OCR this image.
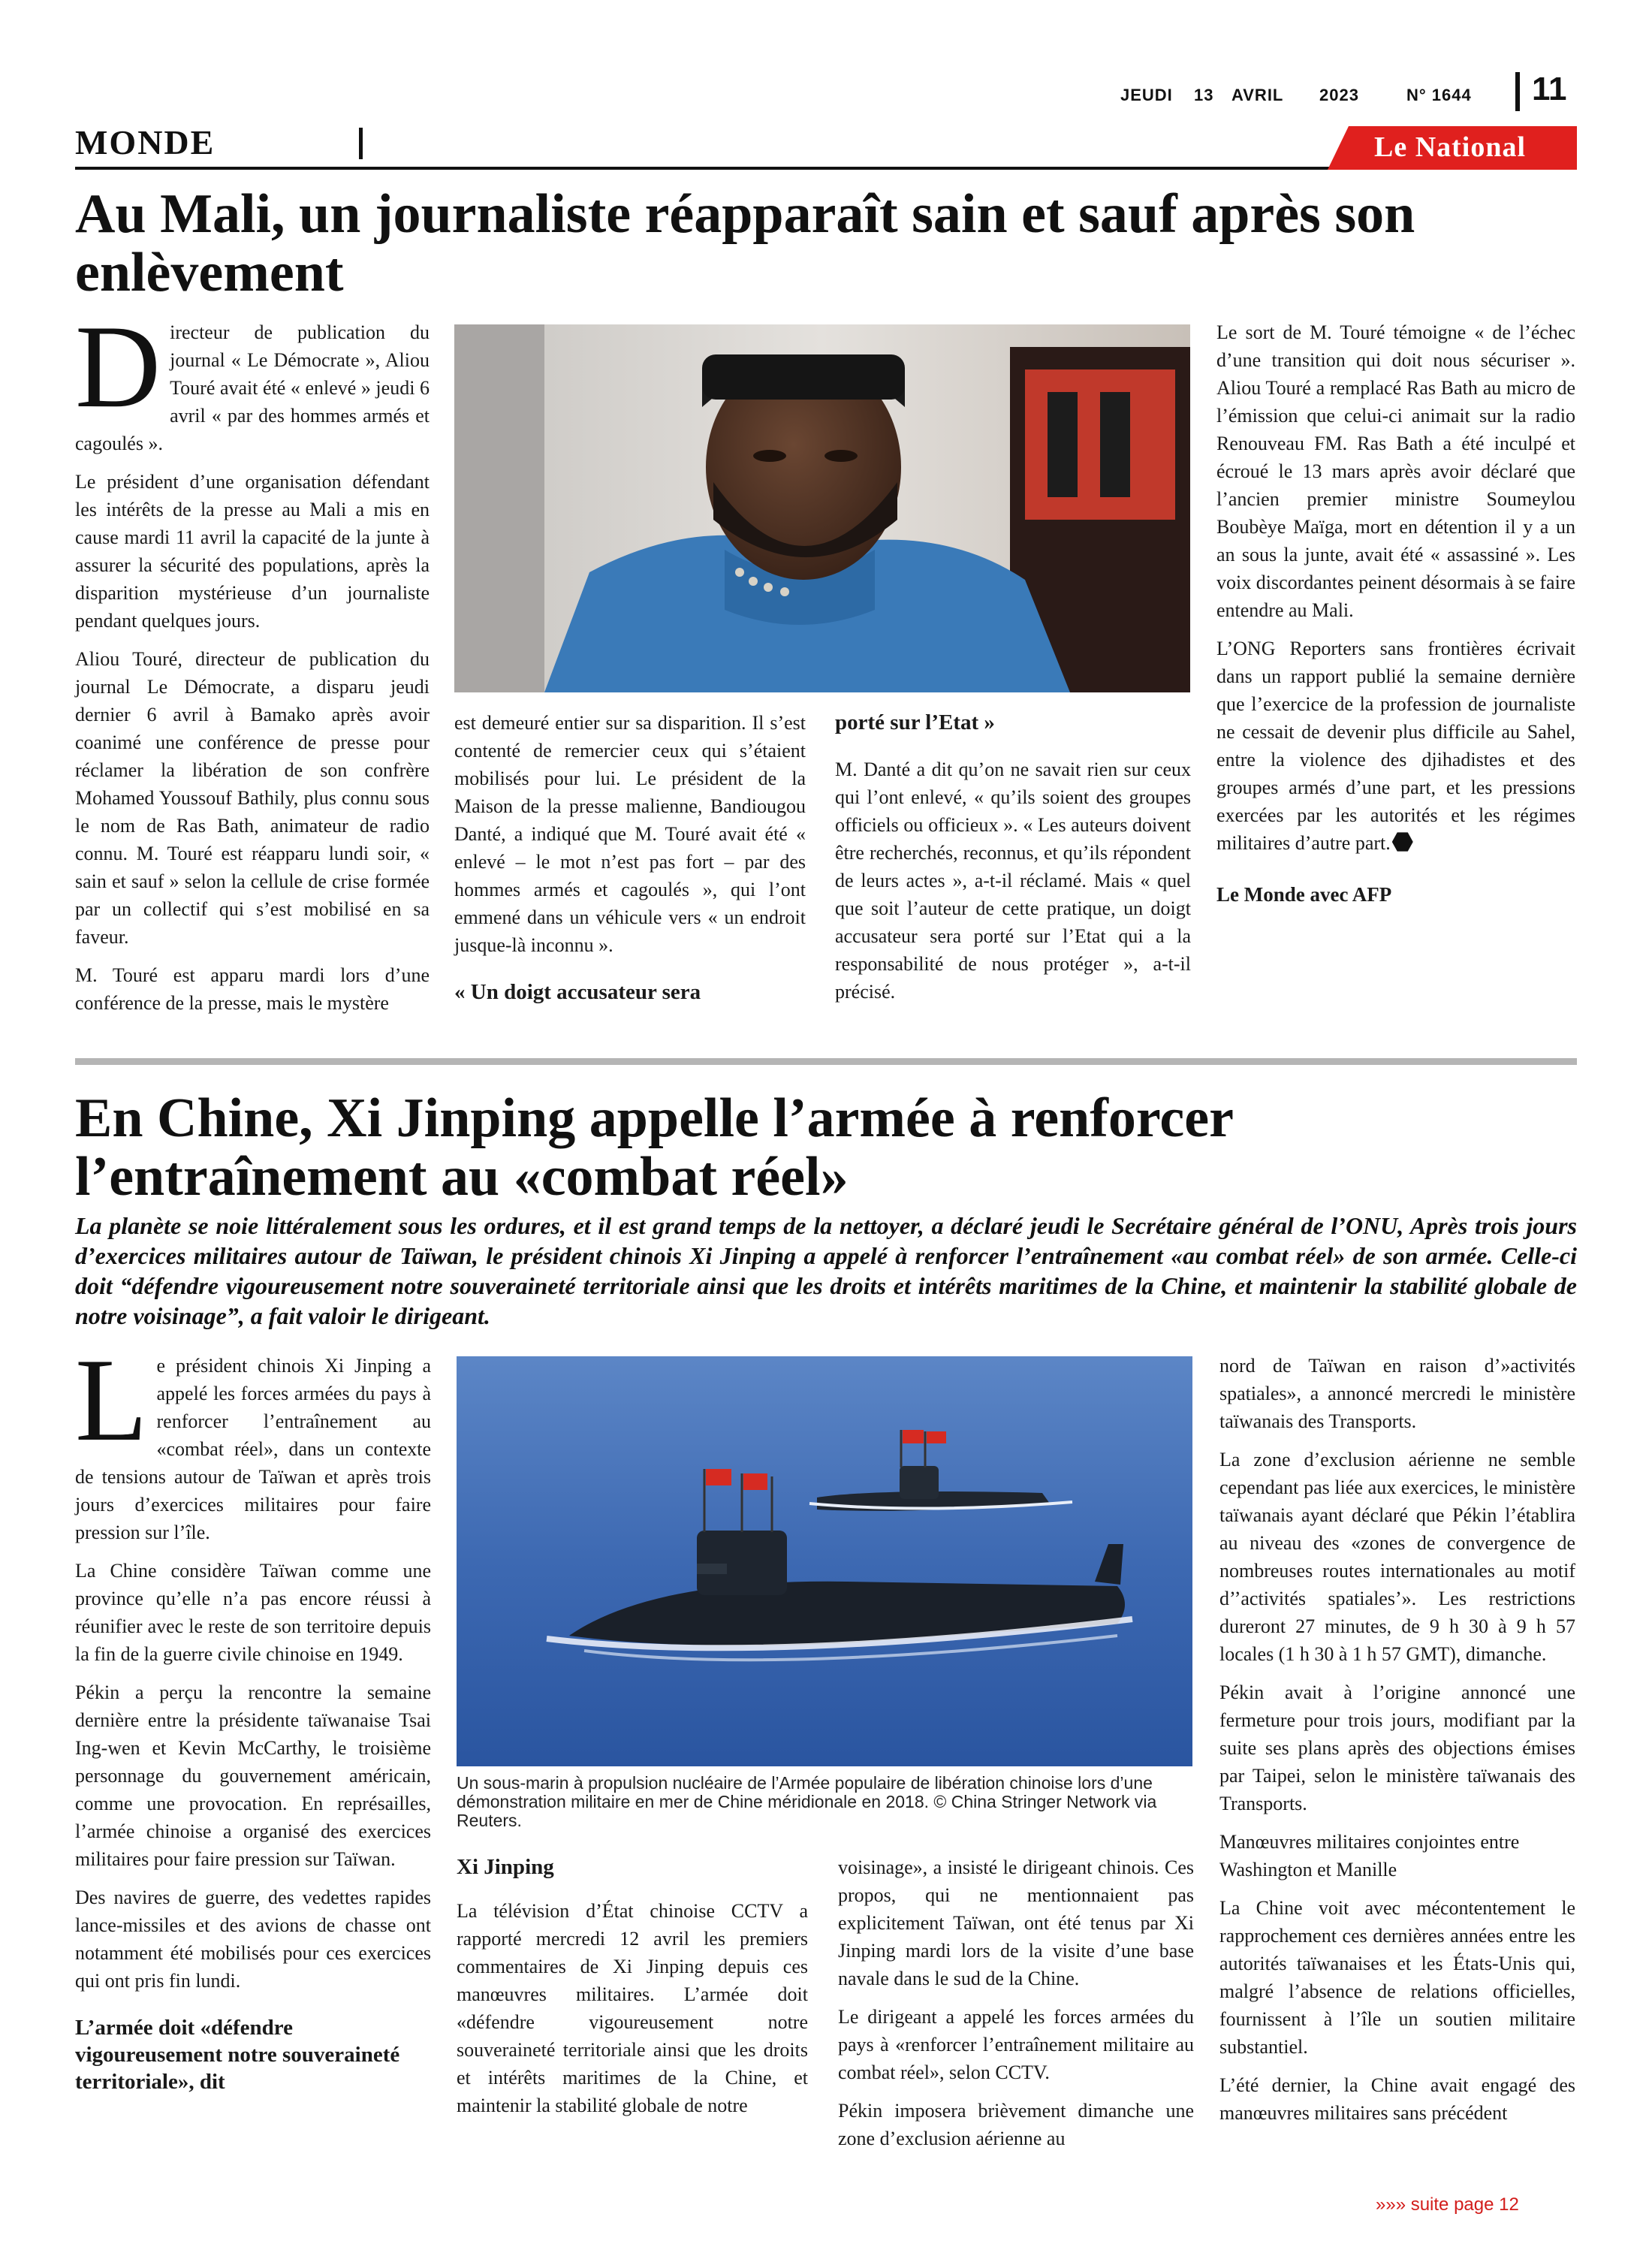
JEUDI 13 AVRIL 2023	N° 1644 11
MONDE	Le National
Au Mali, un journaliste réapparaît sain et sauf après son enlèvement
D irecteur de publication du journal « Le Démocrate », Aliou Touré avait été « enlevé » jeudi 6 avril « par des hommes armés et cagoulés ».

Le président d’une organisation défendant les intérêts de la presse au Mali a mis en cause mardi 11 avril la capacité de la junte à assurer la sécurité des populations, après la disparition mystérieuse d’un journaliste pendant quelques jours.

Aliou Touré, directeur de publication du journal Le Démocrate, a disparu jeudi dernier 6 avril à Bamako après avoir coanimé une conférence de presse pour réclamer la libération de son confrère Mohamed Youssouf Bathily, plus connu sous le nom de Ras Bath, animateur de radio connu. M. Touré est réapparu lundi soir, « sain et sauf » selon la cellule de crise formée par un collectif qui s’est mobilisé en sa faveur.

M. Touré est apparu mardi lors d’une conférence de la presse, mais le mystère

est demeuré entier sur sa disparition. Il s’est contenté de remercier ceux qui s’étaient mobilisés pour lui. Le président de la Maison de la presse malienne, Bandiougou Danté, a indiqué que M. Touré avait été « enlevé – le mot n’est pas fort – par des hommes armés et cagoulés », qui l’ont emmené dans un véhicule vers « un endroit jusque-là inconnu ».

« Un doigt accusateur sera
porté sur l’Etat »

M. Danté a dit qu’on ne savait rien sur ceux qui l’ont enlevé, « qu’ils soient des groupes officiels ou officieux ». « Les auteurs doivent être recherchés, reconnus, et qu’ils répondent de leurs actes », a-t-il réclamé. Mais « quel que soit l’auteur de cette pratique, un doigt accusateur sera porté sur l’Etat qui a la responsabilité de nous protéger », a-t-il précisé.

Le sort de M. Touré témoigne « de l’échec d’une transition qui doit nous sécuriser ». Aliou Touré a remplacé Ras Bath au micro de l’émission que celui-ci animait sur la radio Renouveau FM. Ras Bath a été inculpé et écroué le 13 mars après avoir déclaré que l’ancien premier ministre Soumeylou Boubèye Maïga, mort en détention il y a un an sous la junte, avait été « assassiné ». Les voix discordantes peinent désormais à se faire entendre au Mali.

L’ONG Reporters sans frontières écrivait dans un rapport publié la semaine dernière que l’exercice de la profession de journaliste ne cessait de devenir plus difficile au Sahel, entre la violence des djihadistes et des groupes armés d’une part, et les pressions exercées par les autorités et les régimes militaires d’autre part.

Le Monde avec AFP
En Chine, Xi Jinping appelle l’armée à renforcer l’entraînement au «combat réel»
La planète se noie littéralement sous les ordures, et il est grand temps de la nettoyer, a déclaré jeudi le Secrétaire général de l’ONU, Après trois jours d’exercices militaires autour de Taïwan, le président chinois Xi Jinping a appelé à renforcer l’entraînement «au combat réel» de son armée. Celle-ci doit “défendre vigoureusement notre souveraineté territoriale ainsi que les droits et intérêts maritimes de la Chine, et maintenir la stabilité globale de notre voisinage”, a fait valoir le dirigeant.
L e président chinois Xi Jinping a appelé les forces armées du pays à renforcer l’entraînement au «combat réel», dans un contexte de tensions autour de Taïwan et après trois jours d’exercices militaires pour faire pression sur l’île.

La Chine considère Taïwan comme une province qu’elle n’a pas encore réussi à réunifier avec le reste de son territoire depuis la fin de la guerre civile chinoise en 1949.

Pékin a perçu la rencontre la semaine dernière entre la présidente taïwanaise Tsai Ing-wen et Kevin McCarthy, le troisième personnage du gouvernement américain, comme une provocation. En représailles, l’armée chinoise a organisé des exercices militaires pour faire pression sur Taïwan.

Des navires de guerre, des vedettes rapides lance-missiles et des avions de chasse ont notamment été mobilisés pour ces exercices qui ont pris fin lundi.

L’armée doit «défendre vigoureusement notre souveraineté territoriale», dit
Un sous-marin à propulsion nucléaire de l’Armée populaire de libération chinoise lors d’une démonstration militaire en mer de Chine méridionale en 2018. © China Stringer Network via Reuters.
Xi Jinping

La télévision d’État chinoise CCTV a rapporté mercredi 12 avril les premiers commentaires de Xi Jinping depuis ces manœuvres militaires. L’armée doit «défendre vigoureusement notre souveraineté territoriale ainsi que les droits et intérêts maritimes de la Chine, et maintenir la stabilité globale de notre

voisinage», a insisté le dirigeant chinois. Ces propos, qui ne mentionnaient pas explicitement Taïwan, ont été tenus par Xi Jinping mardi lors de la visite d’une base navale dans le sud de la Chine.

Le dirigeant a appelé les forces armées du pays à «renforcer l’entraînement militaire au combat réel», selon CCTV.

Pékin imposera brièvement dimanche une zone d’exclusion aérienne au

nord de Taïwan en raison d’»activités spatiales», a annoncé mercredi le ministère taïwanais des Transports.

La zone d’exclusion aérienne ne semble cependant pas liée aux exercices, le ministère taïwanais ayant déclaré que Pékin l’établira au niveau des «zones de convergence de nombreuses routes internationales au motif d’’activités spatiales’». Les restrictions dureront 27 minutes, de 9 h 30 à 9 h 57 locales (1 h 30 à 1 h 57 GMT), dimanche.

Pékin avait à l’origine annoncé une fermeture pour trois jours, modifiant par la suite ses plans après des objections émises par Taipei, selon le ministère taïwanais des Transports.

Manœuvres militaires conjointes entre Washington et Manille

La Chine voit avec mécontentement le rapprochement ces dernières années entre les autorités taïwanaises et les États-Unis qui, malgré l’absence de relations officielles, fournissent à l’île un soutien militaire substantiel.

L’été dernier, la Chine avait engagé des manœuvres militaires sans précédent

»»» suite page 12
